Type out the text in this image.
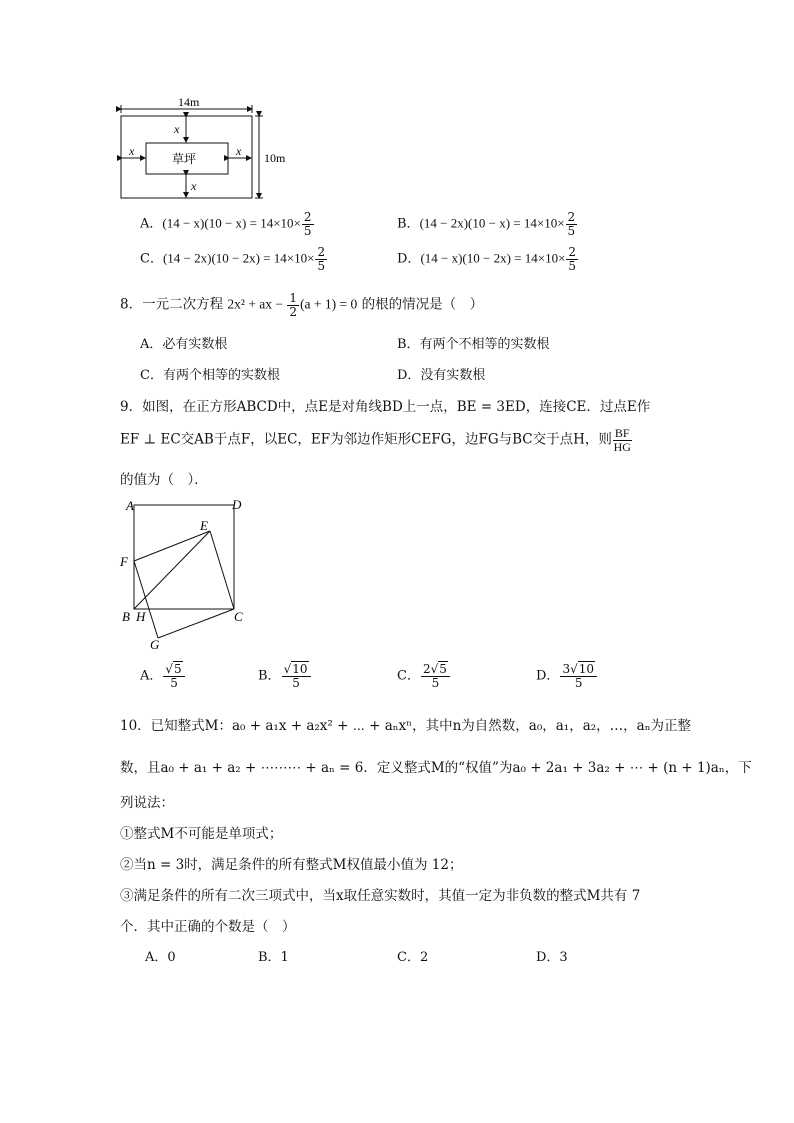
14m
10m
x
x
x	x
草坪
A．$(14 - x)(10 - x) = 14\times 10\times \frac{2}{5}$	B．$(14 - 2x)(10 - x) = 14\times 10\times \frac{2}{5}$
C．$(14 - 2x)(10 - 2x) = 14\times 10\times \frac{2}{5}$	D．$(14 - x)(10 - 2x) = 14\times 10\times \frac{2}{5}$
8．一元二次方程 2x² + ax − $\frac{1}{2} (a + 1) = 0$ 的根的情况是（　）
A．必有实数根	B．有两个不相等的实数根
C．有两个相等的实数根	D．没有实数根
9．如图，在正方形ABCD中，点E是对角线BD上一点，BE = 3ED，连接CE．过点E作
EF ⊥ EC交AB于点F，以EC，EF为邻边作矩形CEFG，边FG与BC交于点H，则 $\frac{BF}{HG}$
的值为（　）．
A	D
E
F
B H	C
G
A． $\frac{√5}{5}$	B． $\frac{√10}{5}$	C． $\frac{2√5}{5}$	D． $\frac{3√10}{5}$
10．已知整式M：a₀ + a₁x + a₂x² + ⋯ + aₙxⁿ，其中n为自然数，a₀，a₁，a₂，…，aₙ为正整
数，且a₀ + a₁ + a₂ + ⋯⋯⋯ + aₙ = 6．定义整式M的“权值”为a₀ + 2a₁ + 3a₂ + ⋯ + (n + 1)aₙ，下
列说法：
①整式M不可能是单项式；
②当n = 3时，满足条件的所有整式M权值最小值为 12；
③满足条件的所有二次三项式中，当x取任意实数时，其值一定为非负数的整式M共有 7
个．其中正确的个数是（　）
A．0	B．1	C．2	D．3
